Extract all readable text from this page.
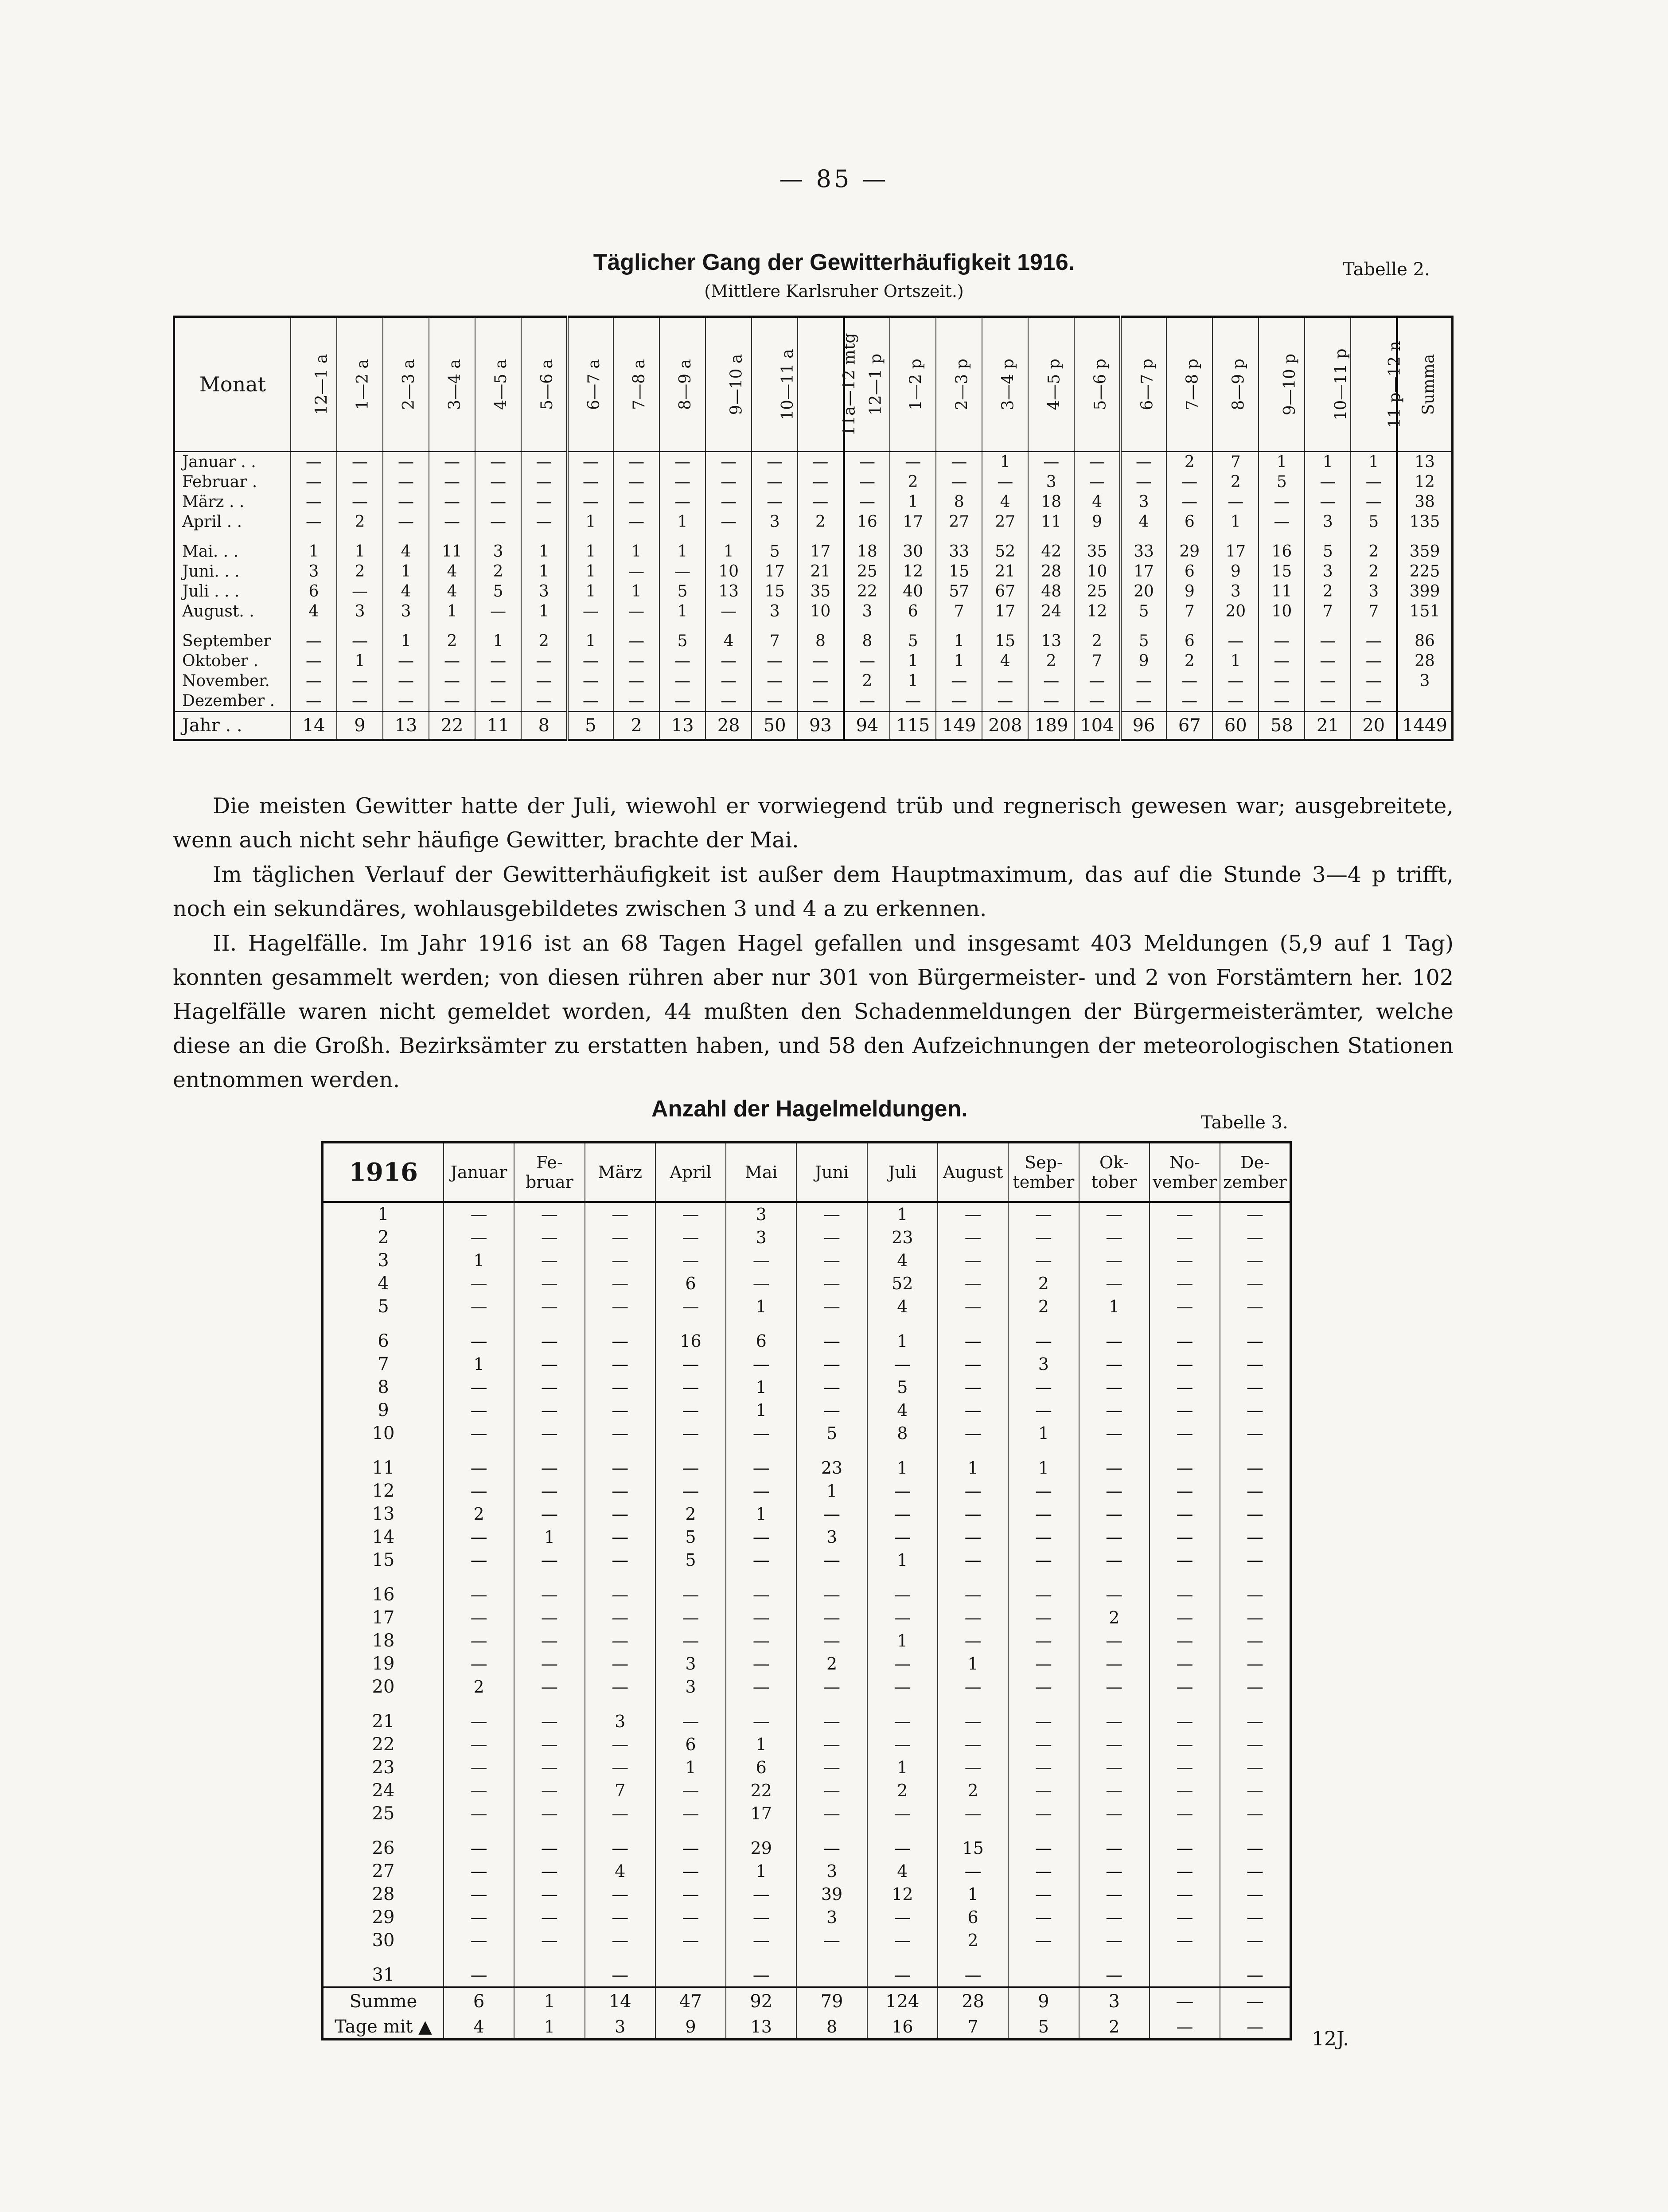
— 85 —
Täglicher Gang der Gewitterhäufigkeit 1916.
(Mittlere Karlsruher Ortszeit.)
Tabelle 2.
Monat	12—1 a	1—2 a	2—3 a	3—4 a	4—5 a	5—6 a	6—7 a	7—8 a	8—9 a	9—10 a	10—11 a	11a—12 mtg	12—1 p	1—2 p	2—3 p	3—4 p	4—5 p	5—6 p	6—7 p	7—8 p	8—9 p	9—10 p	10—11 p	11 p—12 n	Summa
Januar . .	—	—	—	—	—	—	—	—	—	—	—	—	—	—	—	1	—	—	—	2	7	1	1	1	13
Februar .	—	—	—	—	—	—	—	—	—	—	—	—	—	2	—	—	3	—	—	—	2	5	—	—	12
März . .	—	—	—	—	—	—	—	—	—	—	—	—	—	1	8	4	18	4	3	—	—	—	—	—	38
April . .	—	2	—	—	—	—	1	—	1	—	3	2	16	17	27	27	11	9	4	6	1	—	3	5	135

Mai. . .	1	1	4	11	3	1	1	1	1	1	5	17	18	30	33	52	42	35	33	29	17	16	5	2	359
Juni. . .	3	2	1	4	2	1	1	—	—	10	17	21	25	12	15	21	28	10	17	6	9	15	3	2	225
Juli . . .	6	—	4	4	5	3	1	1	5	13	15	35	22	40	57	67	48	25	20	9	3	11	2	3	399
August. .	4	3	3	1	—	1	—	—	1	—	3	10	3	6	7	17	24	12	5	7	20	10	7	7	151

September	—	—	1	2	1	2	1	—	5	4	7	8	8	5	1	15	13	2	5	6	—	—	—	—	86
Oktober .	—	1	—	—	—	—	—	—	—	—	—	—	—	1	1	4	2	7	9	2	1	—	—	—	28
November.	—	—	—	—	—	—	—	—	—	—	—	—	2	1	—	—	—	—	—	—	—	—	—	—	3
Dezember .	—	—	—	—	—	—	—	—	—	—	—	—	—	—	—	—	—	—	—	—	—	—	—	—	
Jahr . .	14	9	13	22	11	8	5	2	13	28	50	93	94	115	149	208	189	104	96	67	60	58	21	20	1449
Die meisten Gewitter hatte der Juli, wiewohl er vorwiegend trüb und regnerisch gewesen war; ausgebreitete, wenn auch nicht sehr häufige Gewitter, brachte der Mai.
Im täglichen Verlauf der Gewitterhäufigkeit ist außer dem Hauptmaximum, das auf die Stunde 3—4 p trifft, noch ein sekundäres, wohlausgebildetes zwischen 3 und 4 a zu erkennen.
II. Hagelfälle. Im Jahr 1916 ist an 68 Tagen Hagel gefallen und insgesamt 403 Meldungen (5,9 auf 1 Tag) konnten gesammelt werden; von diesen rühren aber nur 301 von Bürgermeister- und 2 von Forstämtern her. 102 Hagelfälle waren nicht gemeldet worden, 44 mußten den Schadenmeldungen der Bürgermeisterämter, welche diese an die Großh. Bezirksämter zu erstatten haben, und 58 den Aufzeichnungen der meteorologischen Stationen entnommen werden.
Anzahl der Hagelmeldungen.
Tabelle 3.
1916	Januar	Fe-bruar	März	April	Mai	Juni	Juli	August	Sep-tember	Ok-tober	No-vember	De-zember
1	—	—	—	—	3	—	1	—	—	—	—	—
2	—	—	—	—	3	—	23	—	—	—	—	—
3	1	—	—	—	—	—	4	—	—	—	—	—
4	—	—	—	6	—	—	52	—	2	—	—	—
5	—	—	—	—	1	—	4	—	2	1	—	—

6	—	—	—	16	6	—	1	—	—	—	—	—
7	1	—	—	—	—	—	—	—	3	—	—	—
8	—	—	—	—	1	—	5	—	—	—	—	—
9	—	—	—	—	1	—	4	—	—	—	—	—
10	—	—	—	—	—	5	8	—	1	—	—	—

11	—	—	—	—	—	23	1	1	1	—	—	—
12	—	—	—	—	—	1	—	—	—	—	—	—
13	2	—	—	2	1	—	—	—	—	—	—	—
14	—	1	—	5	—	3	—	—	—	—	—	—
15	—	—	—	5	—	—	1	—	—	—	—	—

16	—	—	—	—	—	—	—	—	—	—	—	—
17	—	—	—	—	—	—	—	—	—	2	—	—
18	—	—	—	—	—	—	1	—	—	—	—	—
19	—	—	—	3	—	2	—	1	—	—	—	—
20	2	—	—	3	—	—	—	—	—	—	—	—

21	—	—	3	—	—	—	—	—	—	—	—	—
22	—	—	—	6	1	—	—	—	—	—	—	—
23	—	—	—	1	6	—	1	—	—	—	—	—
24	—	—	7	—	22	—	2	2	—	—	—	—
25	—	—	—	—	17	—	—	—	—	—	—	—

26	—	—	—	—	29	—	—	15	—	—	—	—
27	—	—	4	—	1	3	4	—	—	—	—	—
28	—	—	—	—	—	39	12	1	—	—	—	—
29	—	—	—	—	—	3	—	6	—	—	—	—
30	—	—	—	—	—	—	—	2	—	—	—	—

31	—		—		—		—	—		—		—
Summe	6	1	14	47	92	79	124	28	9	3	—	—
Tage mit ▲	4	1	3	9	13	8	16	7	5	2	—	—
12J.
